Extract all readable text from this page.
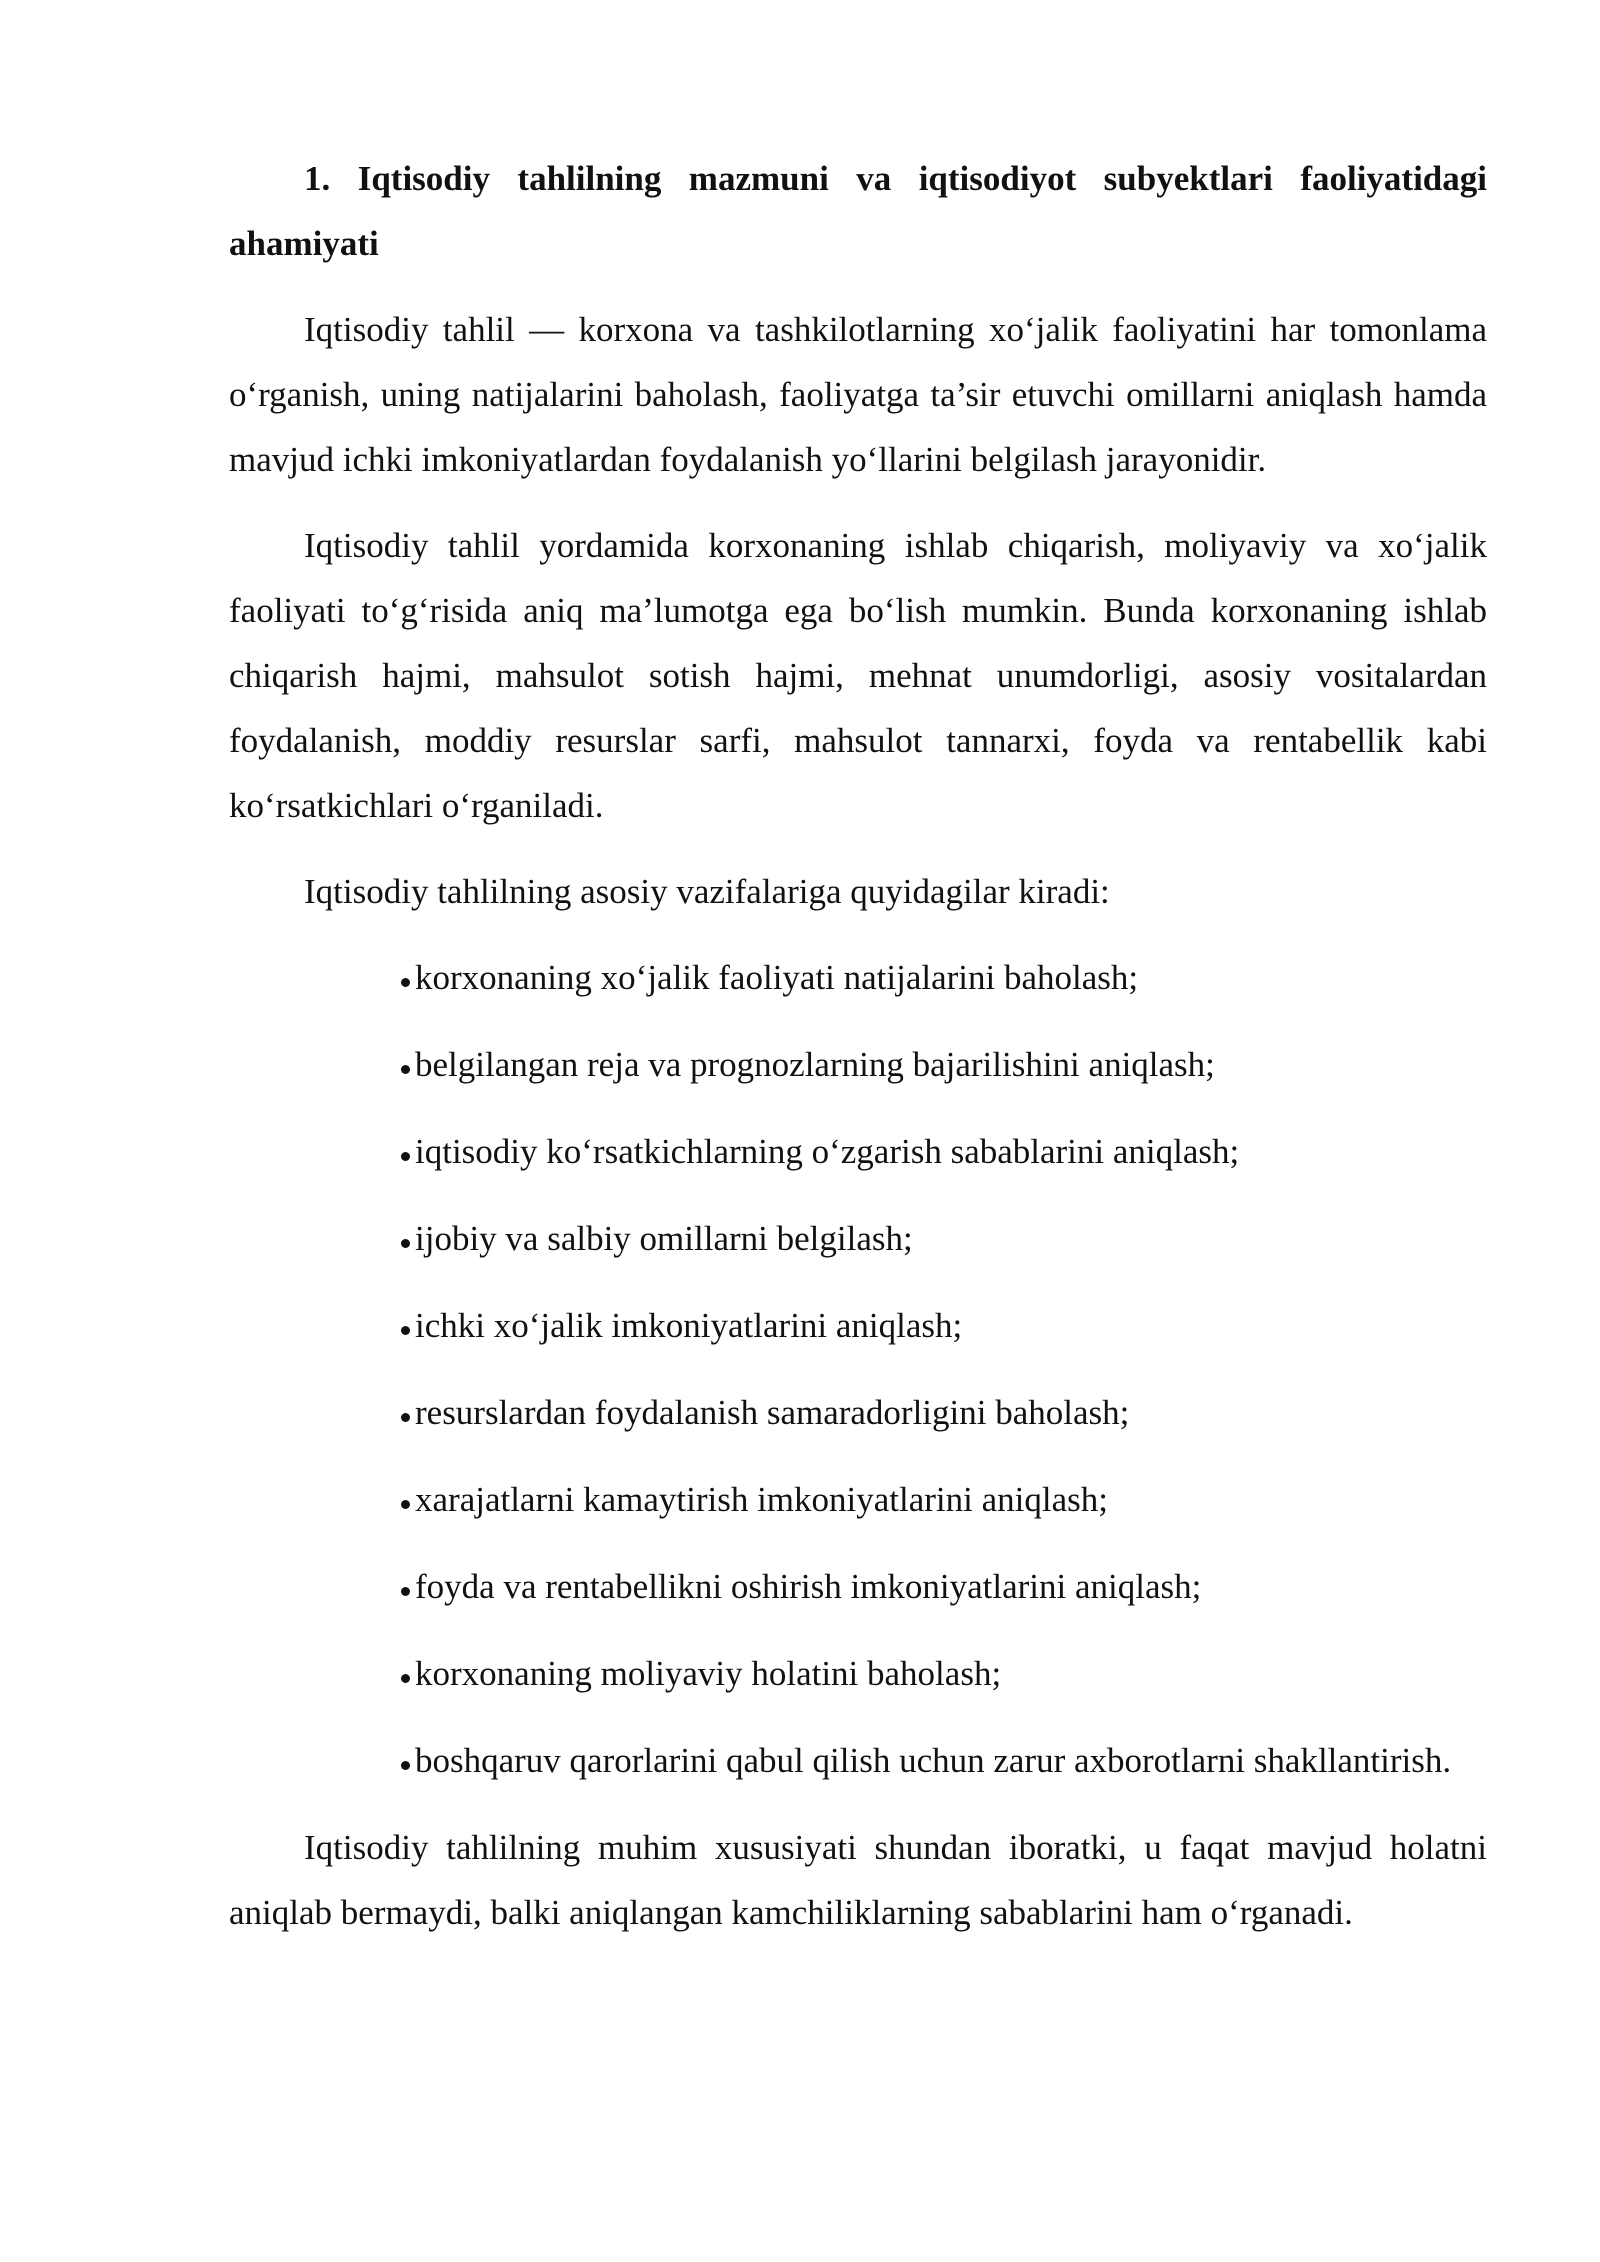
1. Iqtisodiy tahlilning mazmuni va iqtisodiyot subyektlari faoliyatidagi ahamiyati

Iqtisodiy tahlil — korxona va tashkilotlarning xo‘jalik faoliyatini har tomonlama o‘rganish, uning natijalarini baholash, faoliyatga ta’sir etuvchi omillarni aniqlash hamda mavjud ichki imkoniyatlardan foydalanish yo‘llarini belgilash jarayonidir.

Iqtisodiy tahlil yordamida korxonaning ishlab chiqarish, moliyaviy va xo‘jalik faoliyati to‘g‘risida aniq ma’lumotga ega bo‘lish mumkin. Bunda korxonaning ishlab chiqarish hajmi, mahsulot sotish hajmi, mehnat unumdorligi, asosiy vositalardan foydalanish, moddiy resurslar sarfi, mahsulot tannarxi, foyda va rentabellik kabi ko‘rsatkichlari o‘rganiladi.

Iqtisodiy tahlilning asosiy vazifalariga quyidagilar kiradi:

korxonaning xo‘jalik faoliyati natijalarini baholash;
belgilangan reja va prognozlarning bajarilishini aniqlash;
iqtisodiy ko‘rsatkichlarning o‘zgarish sabablarini aniqlash;
ijobiy va salbiy omillarni belgilash;
ichki xo‘jalik imkoniyatlarini aniqlash;
resurslardan foydalanish samaradorligini baholash;
xarajatlarni kamaytirish imkoniyatlarini aniqlash;
foyda va rentabellikni oshirish imkoniyatlarini aniqlash;
korxonaning moliyaviy holatini baholash;
boshqaruv qarorlarini qabul qilish uchun zarur axborotlarni shakllantirish.

Iqtisodiy tahlilning muhim xususiyati shundan iboratki, u faqat mavjud holatni aniqlab bermaydi, balki aniqlangan kamchiliklarning sabablarini ham o‘rganadi.
